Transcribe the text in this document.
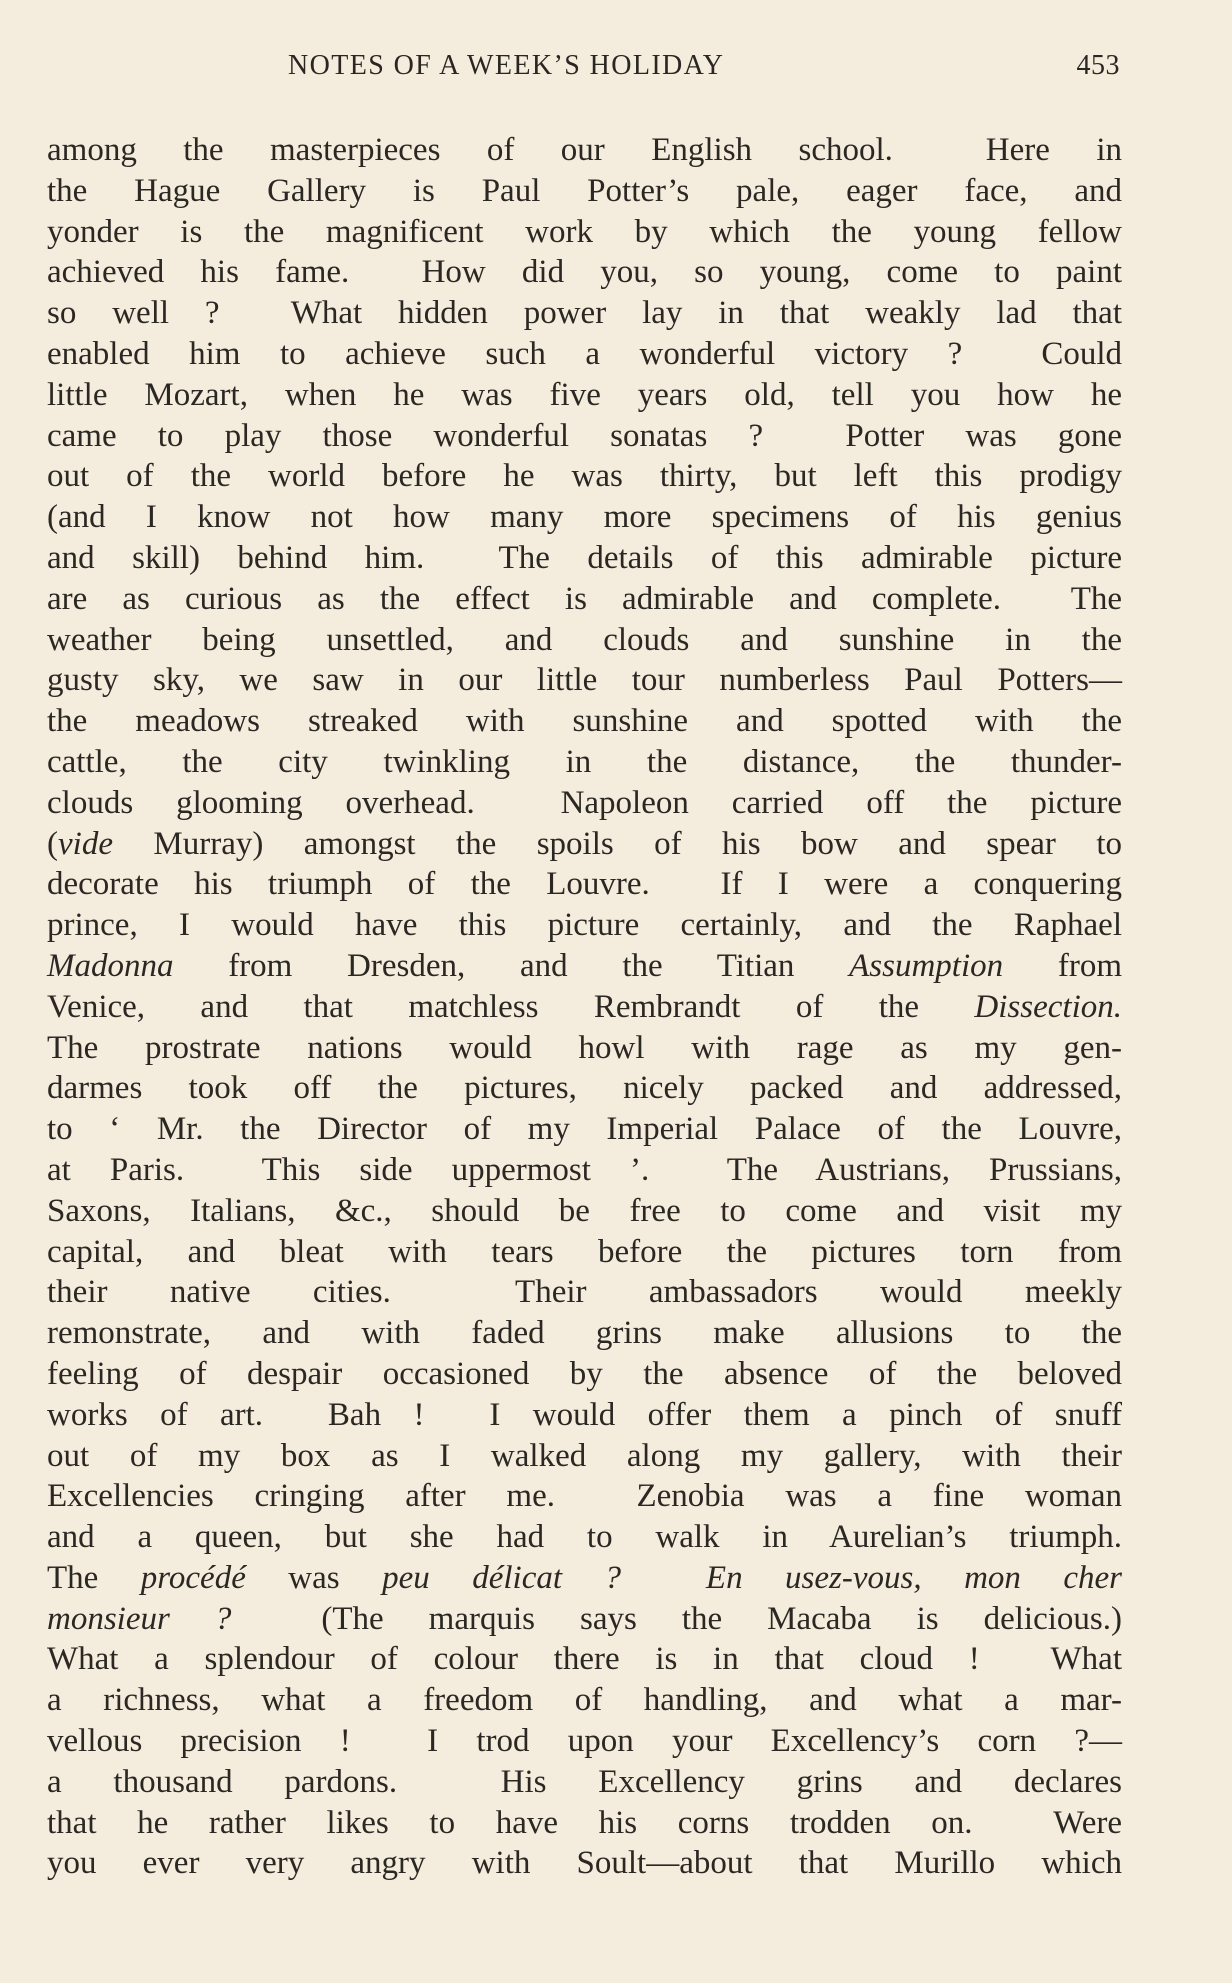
NOTES OF A WEEK’S HOLIDAY	453
among the masterpieces of our English school.  Here in
the Hague Gallery is Paul Potter’s pale, eager face, and
yonder is the magnificent work by which the young fellow
achieved his fame.  How did you, so young, come to paint
so well ?  What hidden power lay in that weakly lad that
enabled him to achieve such a wonderful victory ?  Could
little Mozart, when he was five years old, tell you how he
came to play those wonderful sonatas ?  Potter was gone
out of the world before he was thirty, but left this prodigy
(and I know not how many more specimens of his genius
and skill) behind him.  The details of this admirable picture
are as curious as the effect is admirable and complete.  The
weather being unsettled, and clouds and sunshine in the
gusty sky, we saw in our little tour numberless Paul Potters—
the meadows streaked with sunshine and spotted with the
cattle, the city twinkling in the distance, the thunder-
clouds glooming overhead.  Napoleon carried off the picture
(vide Murray) amongst the spoils of his bow and spear to
decorate his triumph of the Louvre.  If I were a conquering
prince, I would have this picture certainly, and the Raphael
Madonna from Dresden, and the Titian Assumption from
Venice, and that matchless Rembrandt of the Dissection.
The prostrate nations would howl with rage as my gen-
darmes took off the pictures, nicely packed and addressed,
to ‘ Mr. the Director of my Imperial Palace of the Louvre,
at Paris.  This side uppermost ’.  The Austrians, Prussians,
Saxons, Italians, &c., should be free to come and visit my
capital, and bleat with tears before the pictures torn from
their native cities.  Their ambassadors would meekly
remonstrate, and with faded grins make allusions to the
feeling of despair occasioned by the absence of the beloved
works of art.  Bah !  I would offer them a pinch of snuff
out of my box as I walked along my gallery, with their
Excellencies cringing after me.  Zenobia was a fine woman
and a queen, but she had to walk in Aurelian’s triumph.
The procédé was peu délicat ?  En usez-vous, mon cher
monsieur ?  (The marquis says the Macaba is delicious.)
What a splendour of colour there is in that cloud !  What
a richness, what a freedom of handling, and what a mar-
vellous precision !  I trod upon your Excellency’s corn ?—
a thousand pardons.  His Excellency grins and declares
that he rather likes to have his corns trodden on.  Were
you ever very angry with Soult—about that Murillo which
